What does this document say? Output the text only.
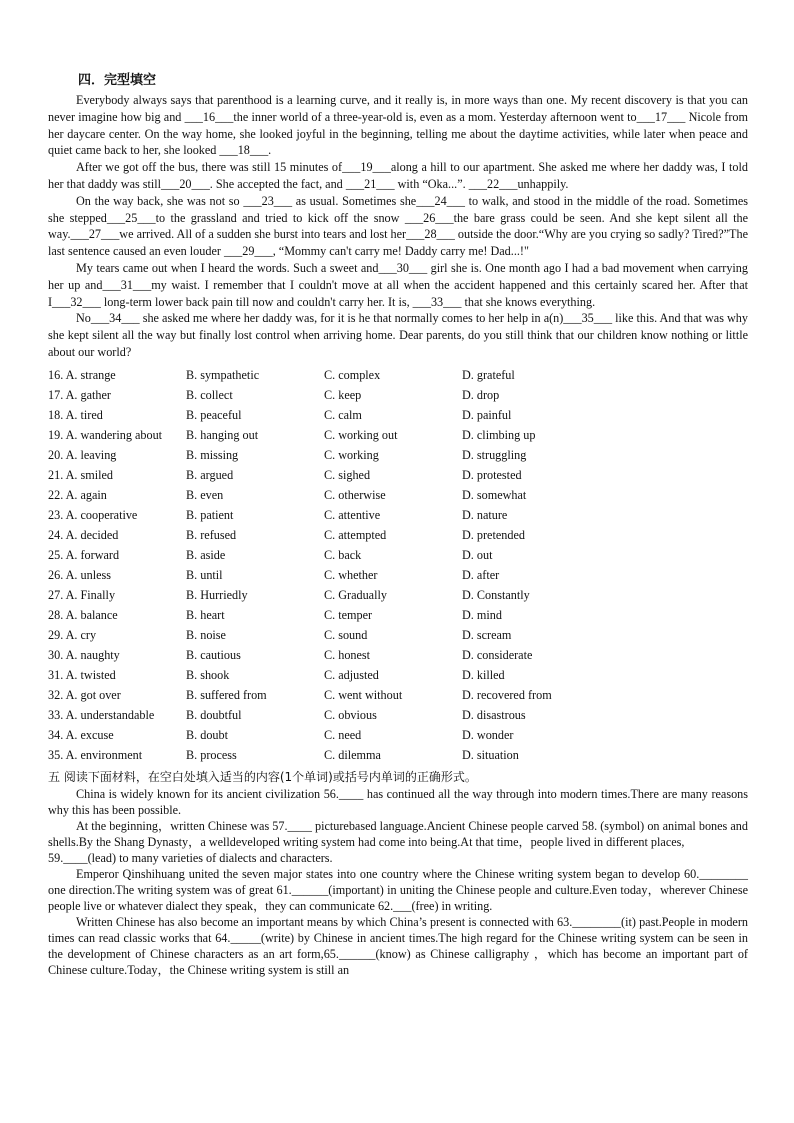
四．完型填空

Everybody always says that parenthood is a learning curve, and it really is, in more ways than one. My recent discovery is that you can never imagine how big and ___16___the inner world of a three-year-old is, even as a mom. Yesterday afternoon went to___17___ Nicole from her daycare center. On the way home, she looked joyful in the beginning, telling me about the daytime activities, while later when peace and quiet came back to her, she looked ___18___.

After we got off the bus, there was still 15 minutes of___19___along a hill to our apartment. She asked me where her daddy was, I told her that daddy was still___20___. She accepted the fact, and ___21___ with “Oka...”. ___22___unhappily.

On the way back, she was not so ___23___ as usual. Sometimes she___24___ to walk, and stood in the middle of the road. Sometimes she stepped___25___to the grassland and tried to kick off the snow ___26___the bare grass could be seen. And she kept silent all the way.___27___we arrived. All of a sudden she burst into tears and lost her___28___ outside the door.“Why are you crying so sadly? Tired?”The last sentence caused an even louder ___29___, “Mommy can't carry me! Daddy carry me! Dad...!"

My tears came out when I heard the words. Such a sweet and___30___ girl she is. One month ago I had a bad movement when carrying her up and___31___my waist. I remember that I couldn't move at all when the accident happened and this certainly scared her. After that I___32___ long-term lower back pain till now and couldn't carry her. It is, ___33___ that she knows everything.

No___34___ she asked me where her daddy was, for it is he that normally comes to her help in a(n)___35___ like this. And that was why she kept silent all the way but finally lost control when arriving home. Dear parents, do you still think that our children know nothing or little about our world?

16. A. strange	B. sympathetic	C. complex	D. grateful
17. A. gather	B. collect	C. keep	D. drop
18. A. tired	B. peaceful	C. calm	D. painful
19. A. wandering about	B. hanging out	C. working out	D. climbing up
20. A. leaving	B. missing	C. working	D. struggling
21. A. smiled	B. argued	C. sighed	D. protested
22. A. again	B. even	C. otherwise	D. somewhat
23. A. cooperative	B. patient	C. attentive	D. nature
24. A. decided	B. refused	C. attempted	D. pretended
25. A. forward	B. aside	C. back	D. out
26. A. unless	B. until	C. whether	D. after
27. A. Finally	B. Hurriedly	C. Gradually	D. Constantly
28. A. balance	B. heart	C. temper	D. mind
29. A. cry	B. noise	C. sound	D. scream
30. A. naughty	B. cautious	C. honest	D. considerate
31. A. twisted	B. shook	C. adjusted	D. killed
32. A. got over	B. suffered from	C. went without	D. recovered from
33. A. understandable	B. doubtful	C. obvious	D. disastrous
34. A. excuse	B. doubt	C. need	D. wonder
35. A. environment	B. process	C. dilemma	D. situation
五 阅读下面材料，在空白处填入适当的内容(1个单词)或括号内单词的正确形式。

China is widely known for its ancient civilization 56.____ has continued all the way through into modern times.There are many reasons why this has been possible.

At the beginning，written Chinese was 57.____ picturebased language.Ancient Chinese people carved 58. (symbol) on animal bones and shells.By the Shang Dynasty，a welldeveloped writing system had come into being.At that time，people lived in different places,

59.____(lead) to many varieties of dialects and characters.

Emperor Qinshihuang united the seven major states into one country where the Chinese writing system began to develop 60.________ one direction.The writing system was of great 61.______(important) in uniting the Chinese people and culture.Even today，wherever Chinese people live or whatever dialect they speak，they can communicate 62.___(free) in writing.

Written Chinese has also become an important means by which China’s present is connected with 63.________(it) past.People in modern times can read classic works that 64._____(write) by Chinese in ancient times.The high regard for the Chinese writing system can be seen in the development of Chinese characters as an art form,65.______(know) as Chinese calligraphy ，which has become an important part of Chinese culture.Today，the Chinese writing system is still an
